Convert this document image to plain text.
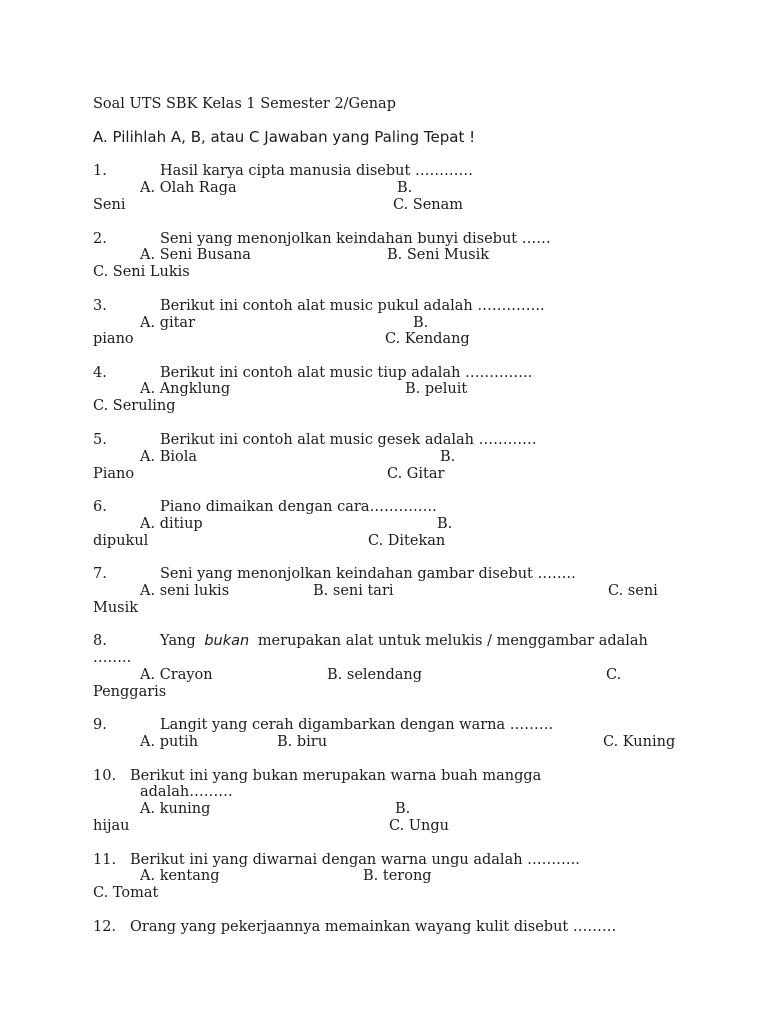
Soal UTS SBK Kelas 1 Semester 2/Genap
A. Pilihlah A, B, atau C Jawaban yang Paling Tepat !
1.	Hasil karya cipta manusia disebut …………
A. Olah Raga	B.
Seni	C. Senam
2.	Seni yang menonjolkan keindahan bunyi disebut ……
A. Seni Busana	B. Seni Musik
C. Seni Lukis
3.	Berikut ini contoh alat music pukul adalah …………..
A. gitar	B.
piano	C. Kendang
4.	Berikut ini contoh alat music tiup adalah …………..
A. Angklung	B. peluit
C. Seruling
5.	Berikut ini contoh alat music gesek adalah …………
A. Biola	B.
Piano	C. Gitar
6.	Piano dimaikan dengan cara…………..
A. ditiup	B.
dipukul	C. Ditekan
7.	Seni yang menonjolkan keindahan gambar disebut ……..
A. seni lukis	B. seni tari	C. seni
Musik
8.	Yang bukan merupakan alat untuk melukis / menggambar adalah
……..
A. Crayon	B. selendang	C.
Penggaris
9.	Langit yang cerah digambarkan dengan warna ………
A. putih	B. biru	C. Kuning
10. Berikut ini yang bukan merupakan warna buah mangga
adalah………
A. kuning	B.
hijau	C. Ungu
11. Berikut ini yang diwarnai dengan warna ungu adalah ………..
A. kentang	B. terong
C. Tomat
12. Orang yang pekerjaannya memainkan wayang kulit disebut ………
